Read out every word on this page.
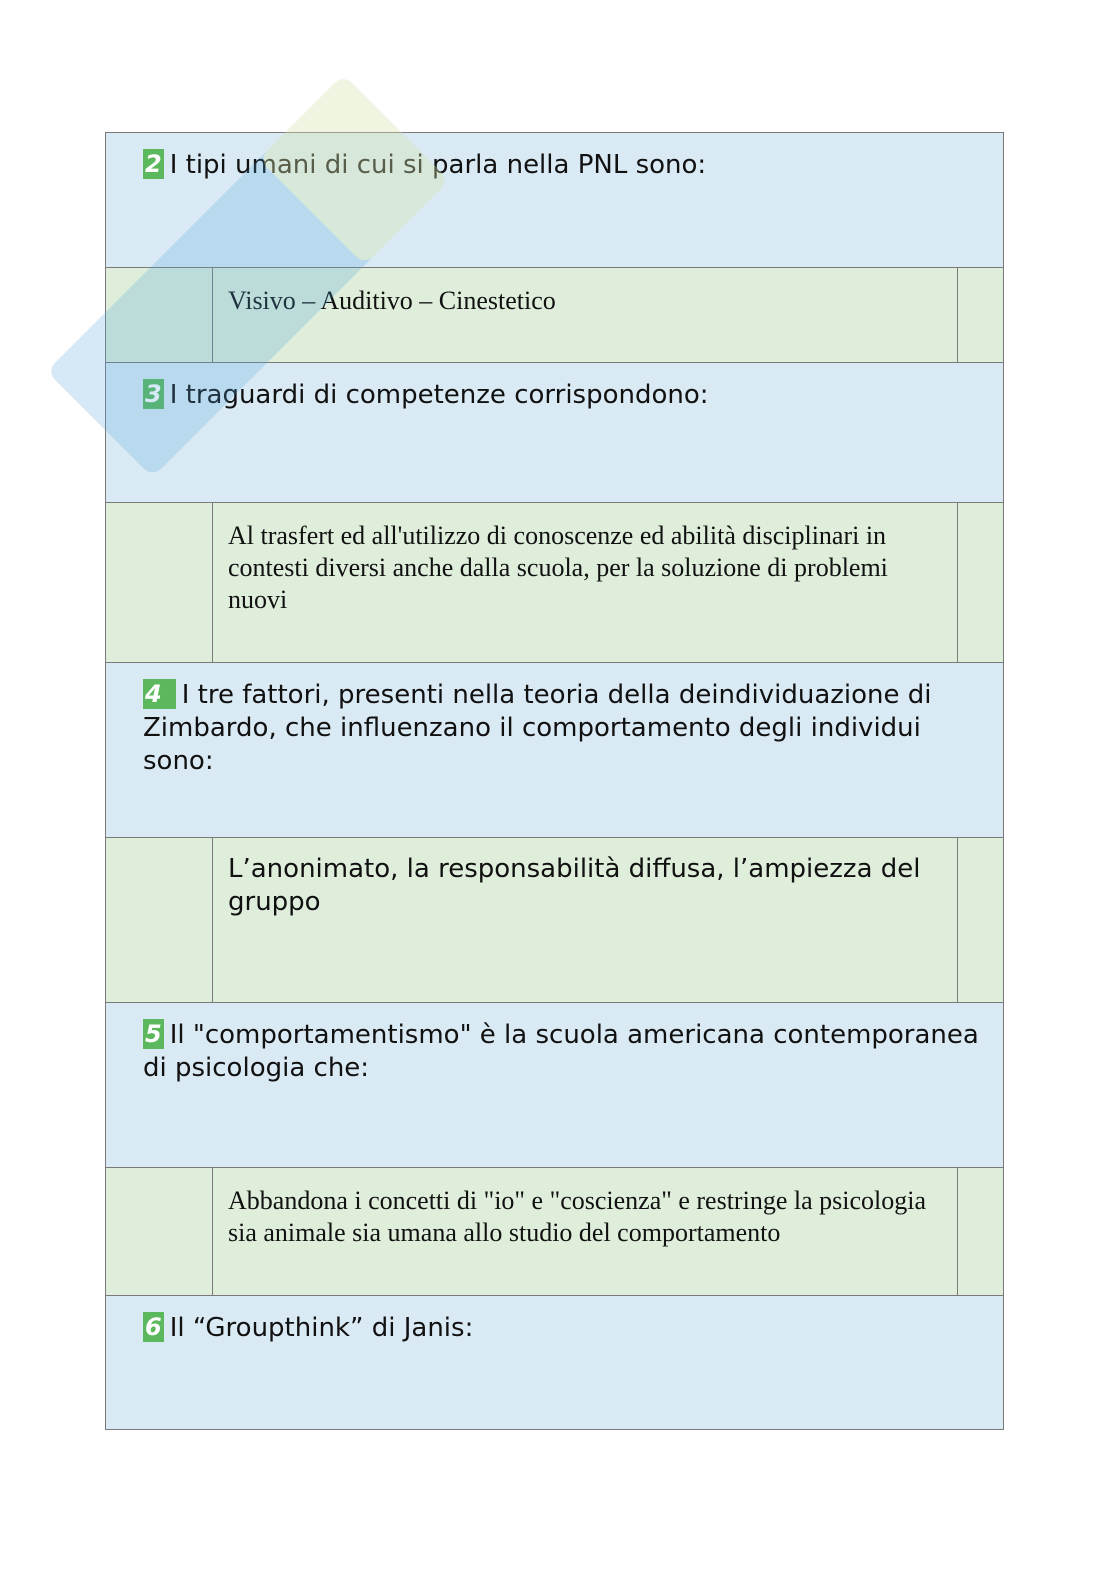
2 I tipi umani di cui si parla nella PNL sono:
Visivo – Auditivo – Cinestetico
3 I traguardi di competenze corrispondono:
Al trasfert ed all'utilizzo di conoscenze ed abilità disciplinari in contesti diversi anche dalla scuola, per la soluzione di problemi nuovi
4 I tre fattori, presenti nella teoria della deindividuazione di Zimbardo, che influenzano il comportamento degli individui sono:
L’anonimato, la responsabilità diffusa, l’ampiezza del gruppo
5 Il "comportamentismo" è la scuola americana contemporanea di psicologia che:
Abbandona i concetti di "io" e "coscienza" e restringe la psicologia sia animale sia umana allo studio del comportamento
6 Il “Groupthink” di Janis:
